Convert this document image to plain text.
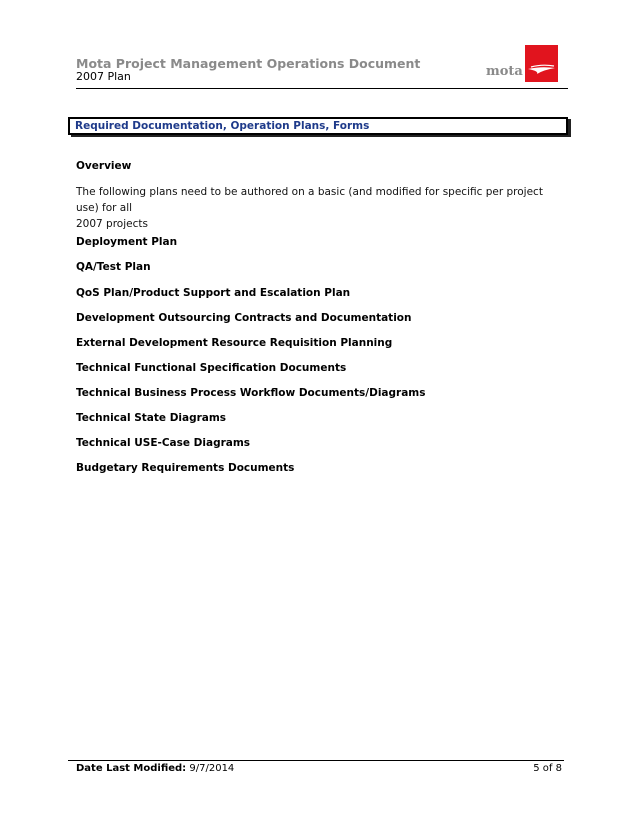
Mota Project Management Operations Document
2007 Plan	mota
Required Documentation, Operation Plans, Forms
Overview
The following plans need to be authored on a basic (and modified for specific per project use) for all
2007 projects
Deployment Plan
QA/Test Plan
QoS Plan/Product Support and Escalation Plan
Development Outsourcing Contracts and Documentation
External Development Resource Requisition Planning
Technical Functional Specification Documents
Technical Business Process Workflow Documents/Diagrams
Technical State Diagrams
Technical USE-Case Diagrams
Budgetary Requirements Documents
Date Last Modified: 9/7/2014	5 of 8
